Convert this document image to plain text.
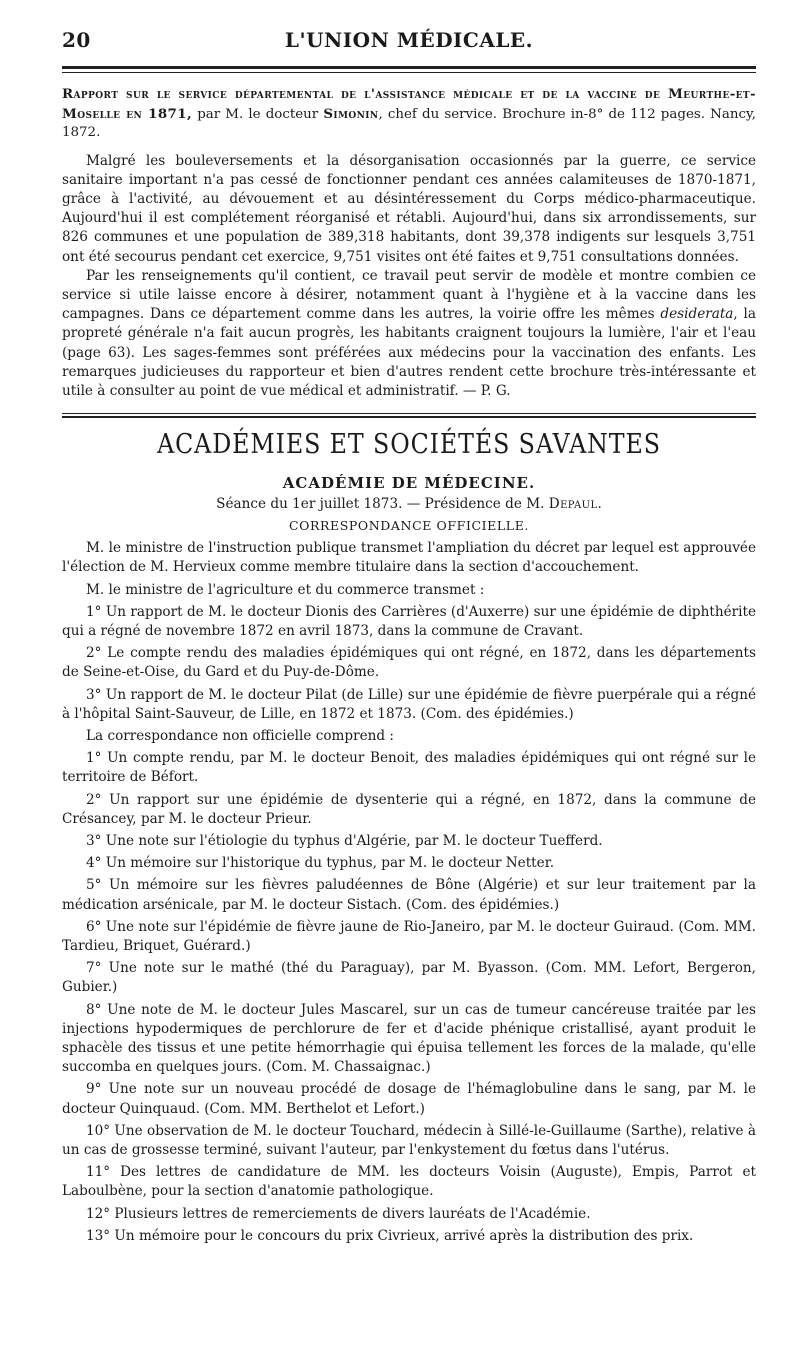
20	L'UNION MÉDICALE.

Rapport sur le service départemental de l'assistance médicale et de la vaccine de Meurthe-et-Moselle en 1871, par M. le docteur Simonin, chef du service. Brochure in-8° de 112 pages. Nancy, 1872.

Malgré les bouleversements et la désorganisation occasionnés par la guerre, ce service sanitaire important n'a pas cessé de fonctionner pendant ces années calamiteuses de 1870-1871, grâce à l'activité, au dévouement et au désintéressement du Corps médico-pharmaceutique. Aujourd'hui il est complétement réorganisé et rétabli. Aujourd'hui, dans six arrondissements, sur 826 communes et une population de 389,318 habitants, dont 39,378 indigents sur lesquels 3,751 ont été secourus pendant cet exercice, 9,751 visites ont été faites et 9,751 consultations données.

Par les renseignements qu'il contient, ce travail peut servir de modèle et montre combien ce service si utile laisse encore à désirer, notamment quant à l'hygiène et à la vaccine dans les campagnes. Dans ce département comme dans les autres, la voirie offre les mêmes desiderata, la propreté générale n'a fait aucun progrès, les habitants craignent toujours la lumière, l'air et l'eau (page 63). Les sages-femmes sont préférées aux médecins pour la vaccination des enfants. Les remarques judicieuses du rapporteur et bien d'autres rendent cette brochure très-intéressante et utile à consulter au point de vue médical et administratif. — P. G.

ACADÉMIES ET SOCIÉTÉS SAVANTES
ACADÉMIE DE MÉDECINE.
Séance du 1er juillet 1873. — Présidence de M. Depaul.
CORRESPONDANCE OFFICIELLE.

M. le ministre de l'instruction publique transmet l'ampliation du décret par lequel est approuvée l'élection de M. Hervieux comme membre titulaire dans la section d'accouchement.

M. le ministre de l'agriculture et du commerce transmet :

1° Un rapport de M. le docteur Dionis des Carrières (d'Auxerre) sur une épidémie de diphthérite qui a régné de novembre 1872 en avril 1873, dans la commune de Cravant.

2° Le compte rendu des maladies épidémiques qui ont régné, en 1872, dans les départements de Seine-et-Oise, du Gard et du Puy-de-Dôme.

3° Un rapport de M. le docteur Pilat (de Lille) sur une épidémie de fièvre puerpérale qui a régné à l'hôpital Saint-Sauveur, de Lille, en 1872 et 1873. (Com. des épidémies.)

La correspondance non officielle comprend :

1° Un compte rendu, par M. le docteur Benoit, des maladies épidémiques qui ont régné sur le territoire de Béfort.

2° Un rapport sur une épidémie de dysenterie qui a régné, en 1872, dans la commune de Crésancey, par M. le docteur Prieur.

3° Une note sur l'étiologie du typhus d'Algérie, par M. le docteur Tuefferd.

4° Un mémoire sur l'historique du typhus, par M. le docteur Netter.

5° Un mémoire sur les fièvres paludéennes de Bône (Algérie) et sur leur traitement par la médication arsénicale, par M. le docteur Sistach. (Com. des épidémies.)

6° Une note sur l'épidémie de fièvre jaune de Rio-Janeiro, par M. le docteur Guiraud. (Com. MM. Tardieu, Briquet, Guérard.)

7° Une note sur le mathé (thé du Paraguay), par M. Byasson. (Com. MM. Lefort, Bergeron, Gubier.)

8° Une note de M. le docteur Jules Mascarel, sur un cas de tumeur cancéreuse traitée par les injections hypodermiques de perchlorure de fer et d'acide phénique cristallisé, ayant produit le sphacèle des tissus et une petite hémorrhagie qui épuisa tellement les forces de la malade, qu'elle succomba en quelques jours. (Com. M. Chassaignac.)

9° Une note sur un nouveau procédé de dosage de l'hémaglobuline dans le sang, par M. le docteur Quinquaud. (Com. MM. Berthelot et Lefort.)

10° Une observation de M. le docteur Touchard, médecin à Sillé-le-Guillaume (Sarthe), relative à un cas de grossesse terminé, suivant l'auteur, par l'enkystement du fœtus dans l'utérus.

11° Des lettres de candidature de MM. les docteurs Voisin (Auguste), Empis, Parrot et Laboulbène, pour la section d'anatomie pathologique.

12° Plusieurs lettres de remerciements de divers lauréats de l'Académie.

13° Un mémoire pour le concours du prix Civrieux, arrivé après la distribution des prix.
